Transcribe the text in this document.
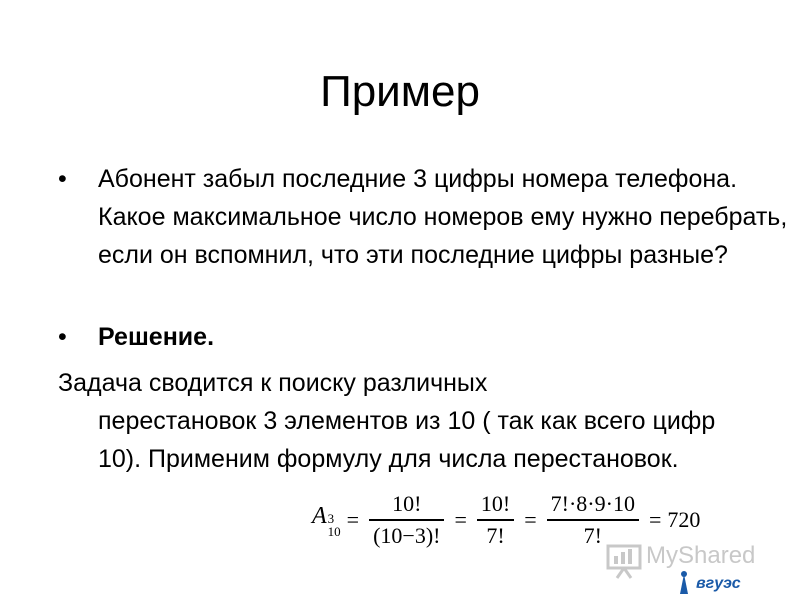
Пример
• Абонент забыл последние 3 цифры номера телефона. Какое максимальное число номеров ему нужно перебрать, если он вспомнил, что эти последние цифры разные?
• Решение.
Задача сводится к поиску различных
перестановок 3 элементов из 10 ( так как всего цифр 10). Применим формулу для числа перестановок.
A 3
$10 = \frac{10!}{(10-3)!} = \frac{10!}{7!} = \frac{7!\cdot 8\cdot 9\cdot 10}{7!} = 720$
MyShared
вгуэс
